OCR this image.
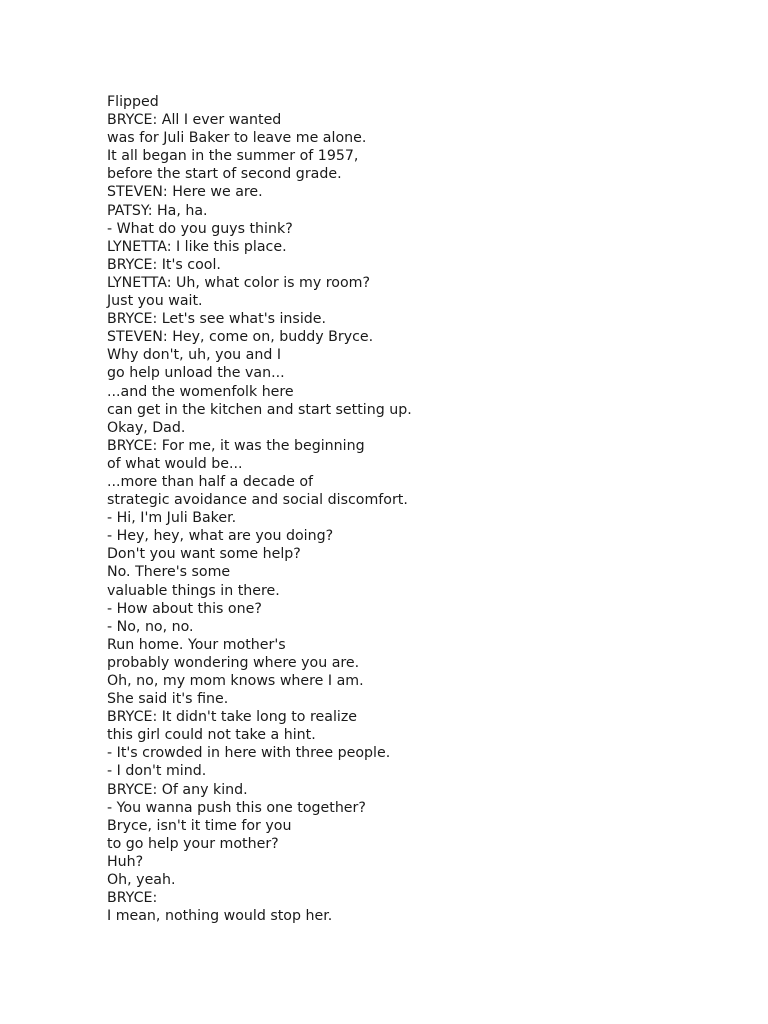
Flipped
BRYCE: All I ever wanted
was for Juli Baker to leave me alone.
It all began in the summer of 1957,
before the start of second grade.
STEVEN: Here we are.
PATSY: Ha, ha.
- What do you guys think?
LYNETTA: I like this place.
BRYCE: It's cool.
LYNETTA: Uh, what color is my room?
Just you wait.
BRYCE: Let's see what's inside.
STEVEN: Hey, come on, buddy Bryce.
Why don't, uh, you and I
go help unload the van...
...and the womenfolk here
can get in the kitchen and start setting up.
Okay, Dad.
BRYCE: For me, it was the beginning
of what would be...
...more than half a decade of
strategic avoidance and social discomfort.
- Hi, I'm Juli Baker.
- Hey, hey, what are you doing?
Don't you want some help?
No. There's some
valuable things in there.
- How about this one?
- No, no, no.
Run home. Your mother's
probably wondering where you are.
Oh, no, my mom knows where I am.
She said it's fine.
BRYCE: It didn't take long to realize
this girl could not take a hint.
- It's crowded in here with three people.
- I don't mind.
BRYCE: Of any kind.
- You wanna push this one together?
Bryce, isn't it time for you
to go help your mother?
Huh?
Oh, yeah.
BRYCE:
I mean, nothing would stop her.
